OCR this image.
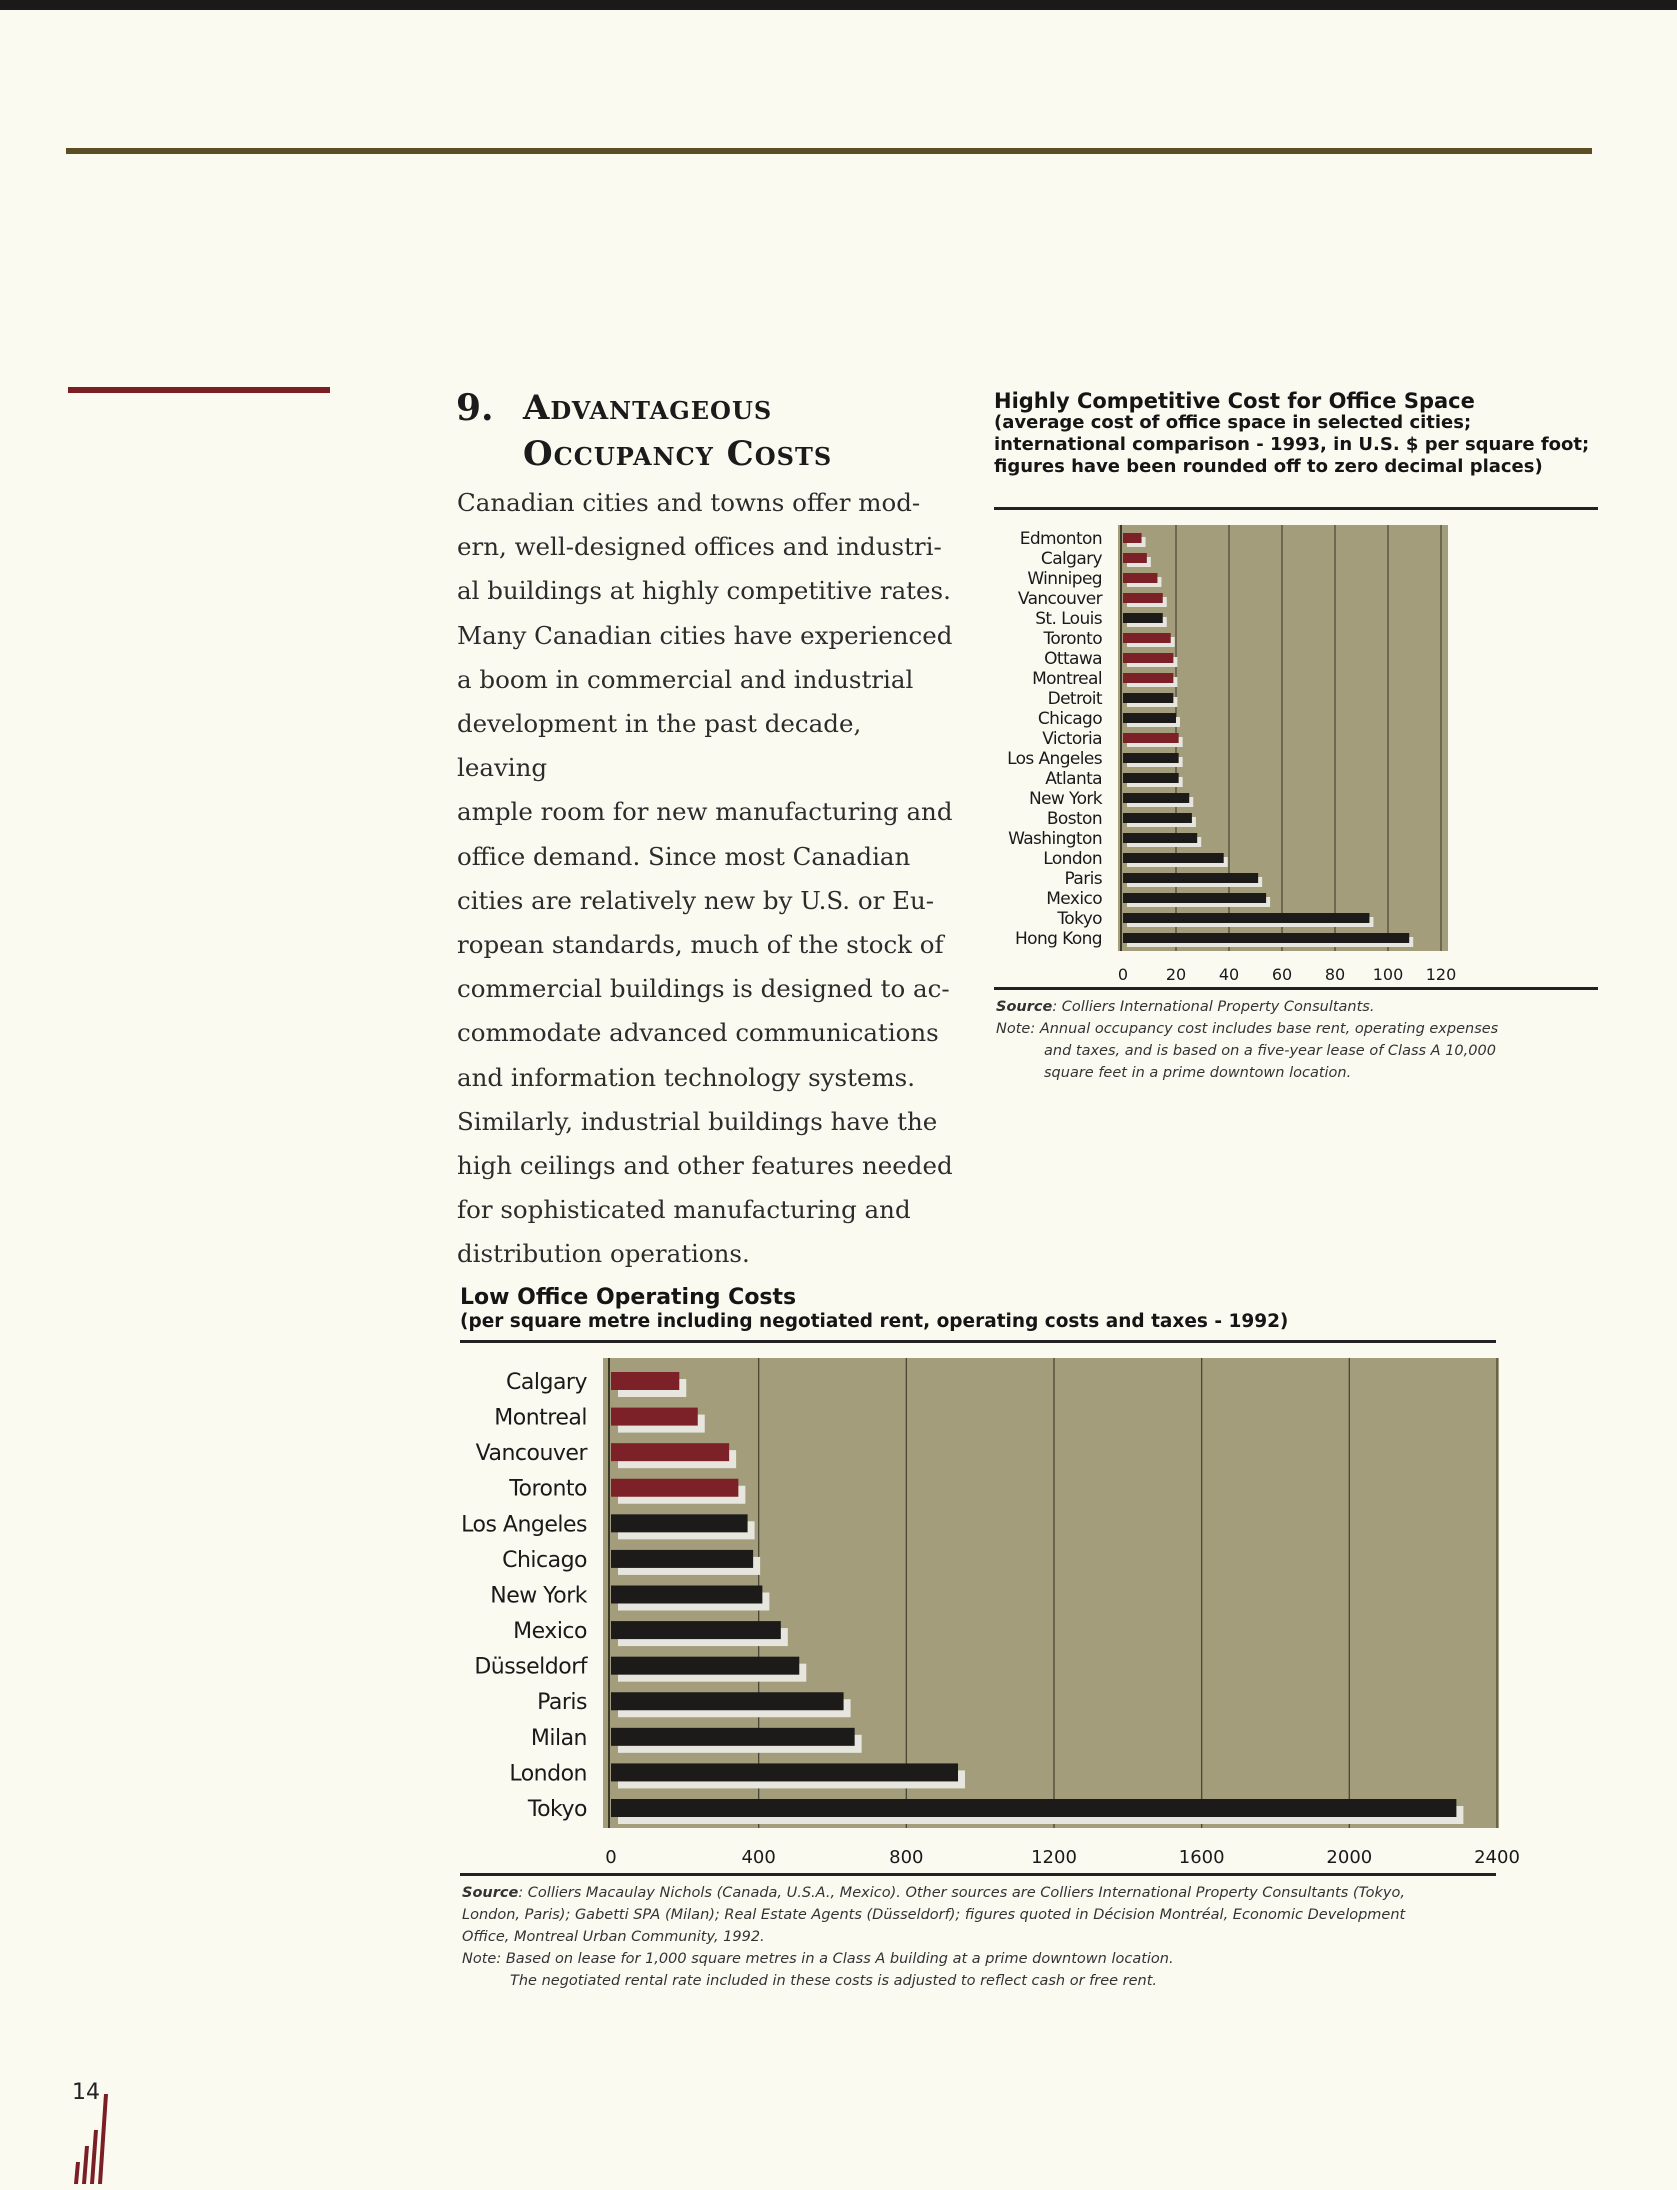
9. Advantageous
Occupancy Costs
Canadian cities and towns offer mod-
ern, well-designed offices and industri-
al buildings at highly competitive rates.
Many Canadian cities have experienced
a boom in commercial and industrial
development in the past decade, leaving
ample room for new manufacturing and
office demand. Since most Canadian
cities are relatively new by U.S. or Eu-
ropean standards, much of the stock of
commercial buildings is designed to ac-
commodate advanced communications
and information technology systems.
Similarly, industrial buildings have the
high ceilings and other features needed
for sophisticated manufacturing and
distribution operations.
Highly Competitive Cost for Office Space
(average cost of office space in selected cities; international comparison - 1993, in U.S. $ per square foot; figures have been rounded off to zero decimal places)
Edmonton
Calgary
Winnipeg
Vancouver
St. Louis
Toronto
Ottawa
Montreal
Detroit
Chicago
Victoria
Los Angeles
Atlanta
New York
Boston
Washington
London
Paris
Mexico
Tokyo
Hong Kong
0 20 40 60 80 100 120
Source: Colliers International Property Consultants.
Note: Annual occupancy cost includes base rent, operating expenses
and taxes, and is based on a five-year lease of Class A 10,000
square feet in a prime downtown location.
Low Office Operating Costs
(per square metre including negotiated rent, operating costs and taxes - 1992)
Calgary
Montreal
Vancouver
Toronto
Los Angeles
Chicago
New York
Mexico
Düsseldorf
Paris
Milan
London
Tokyo
0	400	800	1200	1600	2000	2400
Source: Colliers Macaulay Nichols (Canada, U.S.A., Mexico). Other sources are Colliers International Property Consultants (Tokyo,
London, Paris); Gabetti SPA (Milan); Real Estate Agents (Düsseldorf); figures quoted in Décision Montréal, Economic Development
Office, Montreal Urban Community, 1992.
Note: Based on lease for 1,000 square metres in a Class A building at a prime downtown location.
The negotiated rental rate included in these costs is adjusted to reflect cash or free rent.
14
